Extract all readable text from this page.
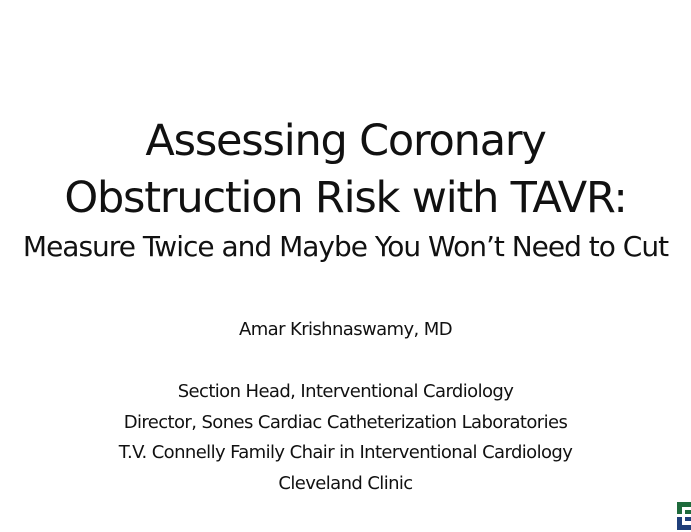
Assessing Coronary
Obstruction Risk with TAVR:
Measure Twice and Maybe You Won’t Need to Cut
Amar Krishnaswamy, MD
Section Head, Interventional Cardiology
Director, Sones Cardiac Catheterization Laboratories
T.V. Connelly Family Chair in Interventional Cardiology
Cleveland Clinic
